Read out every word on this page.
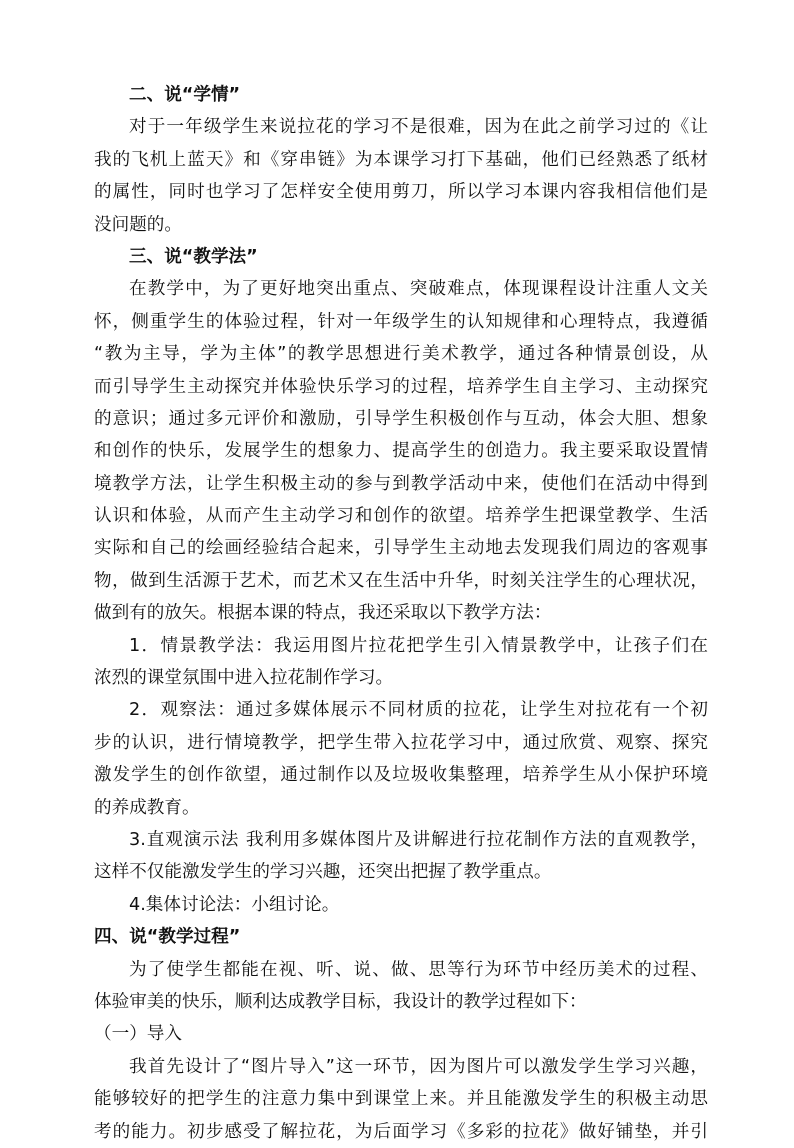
二、说“学情”
对于一年级学生来说拉花的学习不是很难，因为在此之前学习过的《让
我的飞机上蓝天》和《穿串链》为本课学习打下基础，他们已经熟悉了纸材
的属性，同时也学习了怎样安全使用剪刀，所以学习本课内容我相信他们是
没问题的。
三、说“教学法”
在教学中，为了更好地突出重点、突破难点，体现课程设计注重人文关
怀，侧重学生的体验过程，针对一年级学生的认知规律和心理特点，我遵循
“教为主导，学为主体”的教学思想进行美术教学，通过各种情景创设，从
而引导学生主动探究并体验快乐学习的过程，培养学生自主学习、主动探究
的意识；通过多元评价和激励，引导学生积极创作与互动，体会大胆、想象
和创作的快乐，发展学生的想象力、提高学生的创造力。我主要采取设置情
境教学方法，让学生积极主动的参与到教学活动中来，使他们在活动中得到
认识和体验，从而产生主动学习和创作的欲望。培养学生把课堂教学、生活
实际和自己的绘画经验结合起来，引导学生主动地去发现我们周边的客观事
物，做到生活源于艺术，而艺术又在生活中升华，时刻关注学生的心理状况，
做到有的放矢。根据本课的特点，我还采取以下教学方法：
1．情景教学法：我运用图片拉花把学生引入情景教学中，让孩子们在
浓烈的课堂氛围中进入拉花制作学习。
2．观察法：通过多媒体展示不同材质的拉花，让学生对拉花有一个初
步的认识，进行情境教学，把学生带入拉花学习中，通过欣赏、观察、探究
激发学生的创作欲望，通过制作以及垃圾收集整理，培养学生从小保护环境
的养成教育。
3.直观演示法 我利用多媒体图片及讲解进行拉花制作方法的直观教学，
这样不仅能激发学生的学习兴趣，还突出把握了教学重点。
4.集体讨论法：小组讨论。
四、说“教学过程”
为了使学生都能在视、听、说、做、思等行为环节中经历美术的过程、
体验审美的快乐，顺利达成教学目标，我设计的教学过程如下：
（一）导入
我首先设计了“图片导入”这一环节，因为图片可以激发学生学习兴趣，
能够较好的把学生的注意力集中到课堂上来。并且能激发学生的积极主动思
考的能力。初步感受了解拉花，为后面学习《多彩的拉花》做好铺垫，并引
